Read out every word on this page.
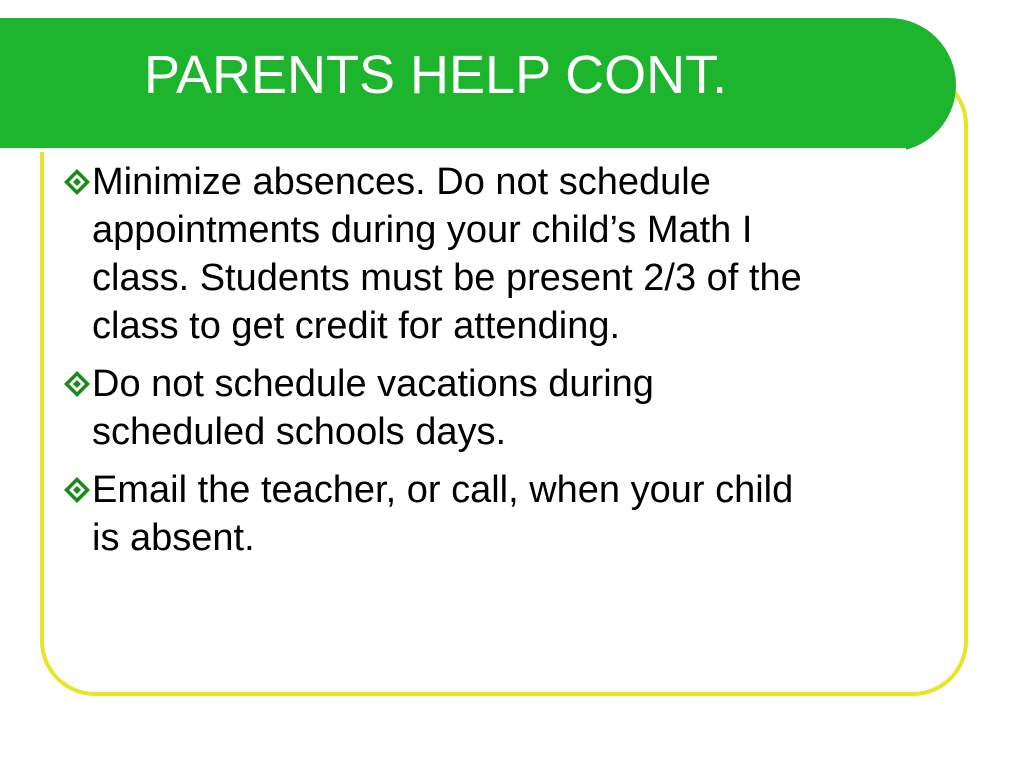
PARENTS HELP CONT.
Minimize absences. Do not schedule
appointments during your child’s Math I
class. Students must be present 2/3 of the
class to get credit for attending.
Do not schedule vacations during
scheduled schools days.
Email the teacher, or call, when your child
is absent.
